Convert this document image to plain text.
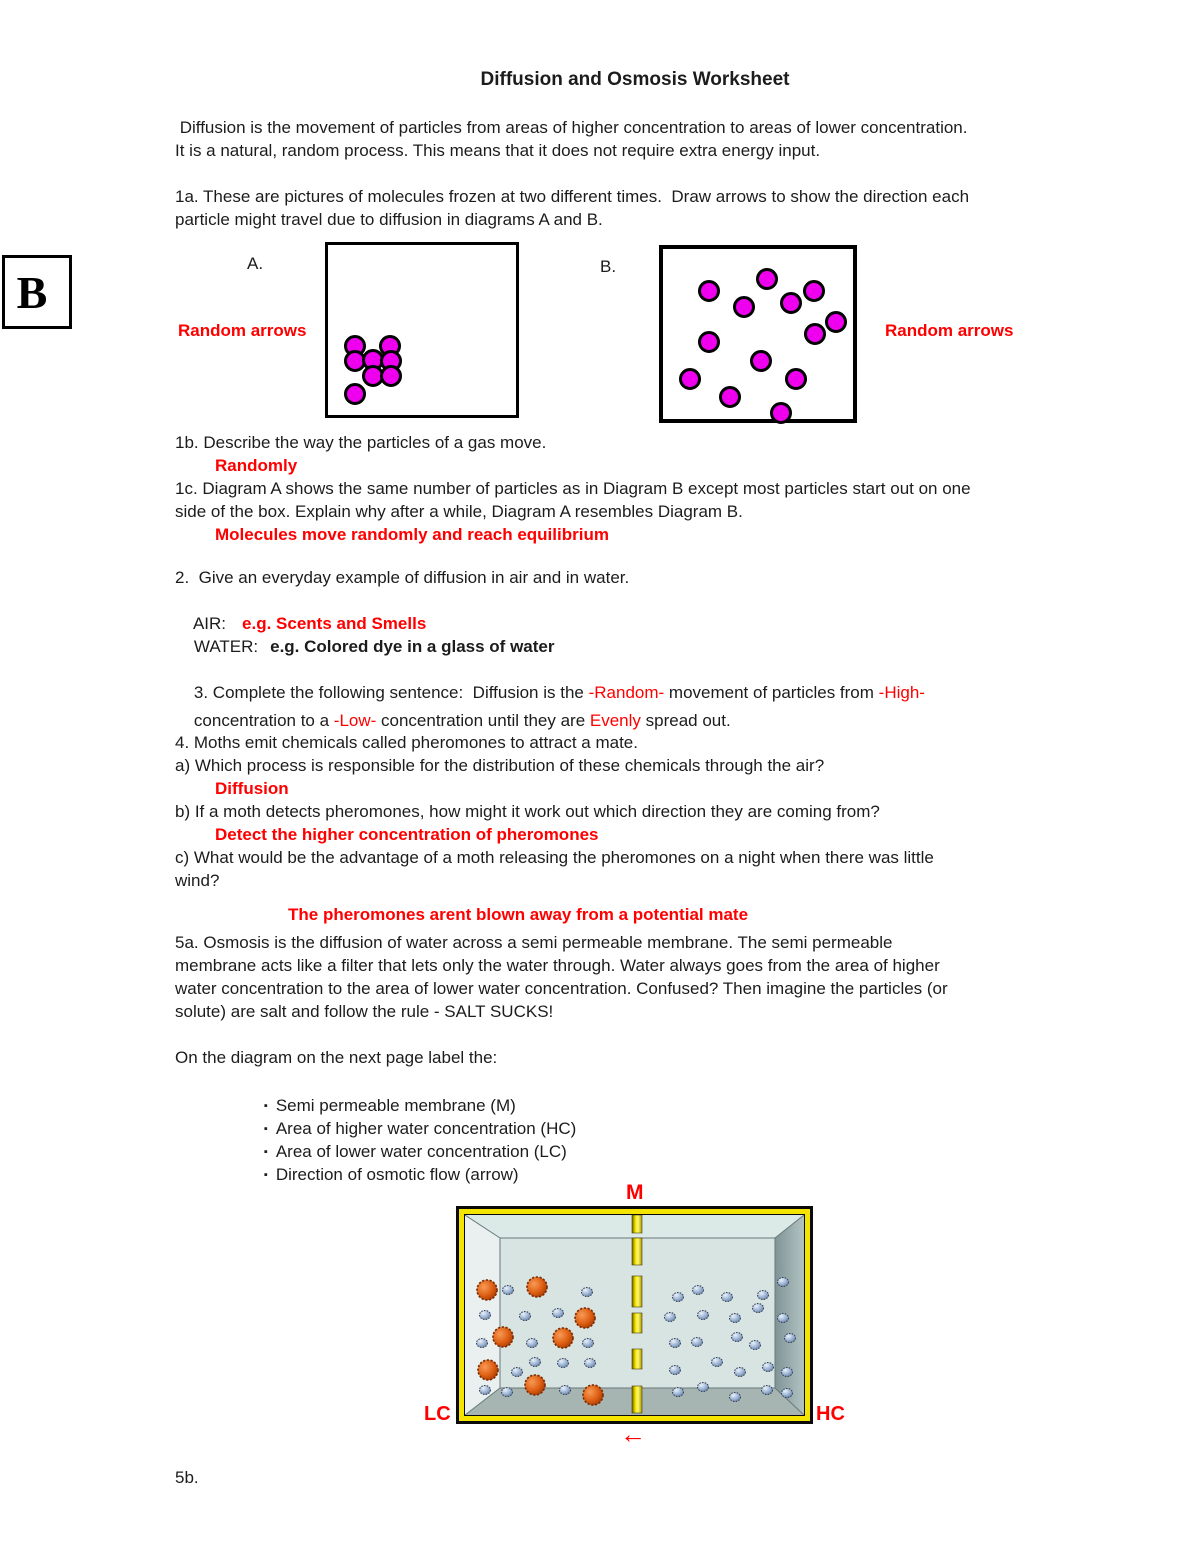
B
Diffusion and Osmosis Worksheet
Diffusion is the movement of particles from areas of higher concentration to areas of lower concentration.
It is a natural, random process. This means that it does not require extra energy input.
1a. These are pictures of molecules frozen at two different times.  Draw arrows to show the direction each
particle might travel due to diffusion in diagrams A and B.
A.
Random arrows
B.
Random arrows
1b. Describe the way the particles of a gas move.
Randomly
1c. Diagram A shows the same number of particles as in Diagram B except most particles start out on one
side of the box. Explain why after a while, Diagram A resembles Diagram B.
Molecules move randomly and reach equilibrium
2.  Give an everyday example of diffusion in air and in water.

AIR: e.g. Scents and Smells

WATER: e.g. Colored dye in a glass of water

3. Complete the following sentence:  Diffusion is the -Random- movement of particles from -High-

concentration to a -Low- concentration until they are Evenly spread out.

4. Moths emit chemicals called pheromones to attract a mate.
a) Which process is responsible for the distribution of these chemicals through the air?
Diffusion
b) If a moth detects pheromones, how might it work out which direction they are coming from?
Detect the higher concentration of pheromones
c) What would be the advantage of a moth releasing the pheromones on a night when there was little
wind?
The pheromones arent blown away from a potential mate
5a. Osmosis is the diffusion of water across a semi permeable membrane. The semi permeable
membrane acts like a filter that lets only the water through. Water always goes from the area of higher
water concentration to the area of lower water concentration. Confused? Then imagine the particles (or
solute) are salt and follow the rule - SALT SUCKS!
On the diagram on the next page label the:

▪ Semi permeable membrane (M)

▪ Area of higher water concentration (HC)

▪ Area of lower water concentration (LC)

▪ Direction of osmotic flow (arrow)

M
LC	HC
←
5b.
